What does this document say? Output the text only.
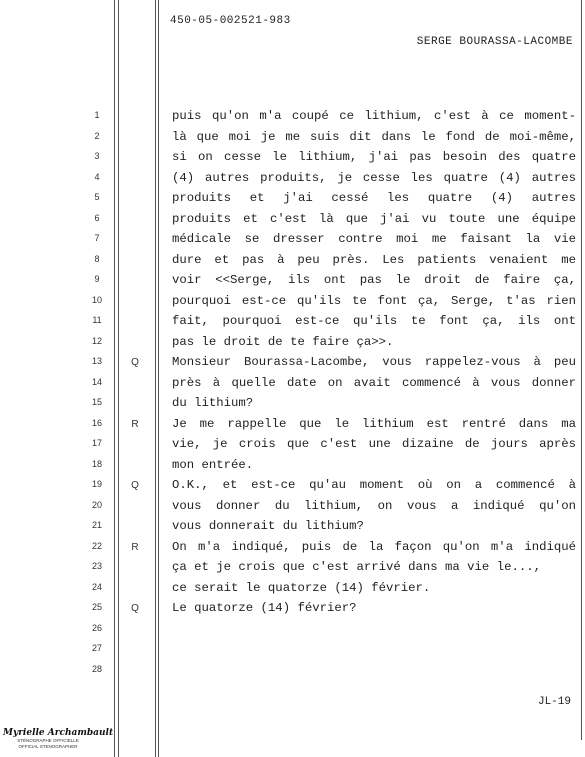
450-05-002521-983
SERGE BOURASSA-LACOMBE
1	puis qu'on m'a coupé ce lithium, c'est à ce moment-
2	là que moi je me suis dit dans le fond de moi-même,
3	si on cesse le lithium, j'ai pas besoin des quatre
4	(4) autres produits, je cesse les quatre (4) autres
5	produits et j'ai cessé les quatre (4) autres
6	produits et c'est là que j'ai vu toute une équipe
7	médicale se dresser contre moi me faisant la vie
8	dure et pas à peu près. Les patients venaient me
9	voir <<Serge, ils ont pas le droit de faire ça,
10	pourquoi est-ce qu'ils te font ça, Serge, t'as rien
11	fait, pourquoi est-ce qu'ils te font ça, ils ont
12	pas le droit de te faire ça>>.
13	Q	Monsieur Bourassa-Lacombe, vous rappelez-vous à peu
14	près à quelle date on avait commencé à vous donner
15	du lithium?
16	R	Je me rappelle que le lithium est rentré dans ma
17	vie, je crois que c'est une dizaine de jours après
18	mon entrée.
19	Q	O.K., et est-ce qu'au moment où on a commencé à
20	vous donner du lithium, on vous a indiqué qu'on
21	vous donnerait du lithium?
22	R	On m'a indiqué, puis de la façon qu'on m'a indiqué
23	ça et je crois que c'est arrivé dans ma vie le...,
24	ce serait le quatorze (14) février.
25	Q	Le quatorze (14) février?
26
27
28
JL-19
Myrielle Archambault
STÉNOGRAPHE OFFICIELLE
OFFICIAL STENOGRAPHER
